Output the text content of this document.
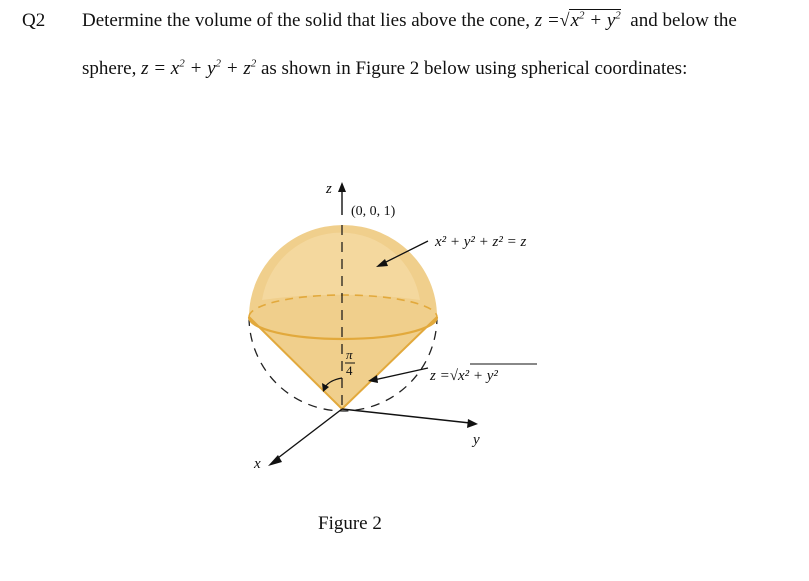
Q2 Determine the volume of the solid that lies above the cone, $z =√x^2 + y^2$ and below the
sphere, $z = x^2 + y^2 + z^2$ as shown in Figure 2 below using spherical coordinates:
z
x
y
(0, 0, 1)
x² + y² + z² = z
z =√x² + y²
π
4
Figure 2
